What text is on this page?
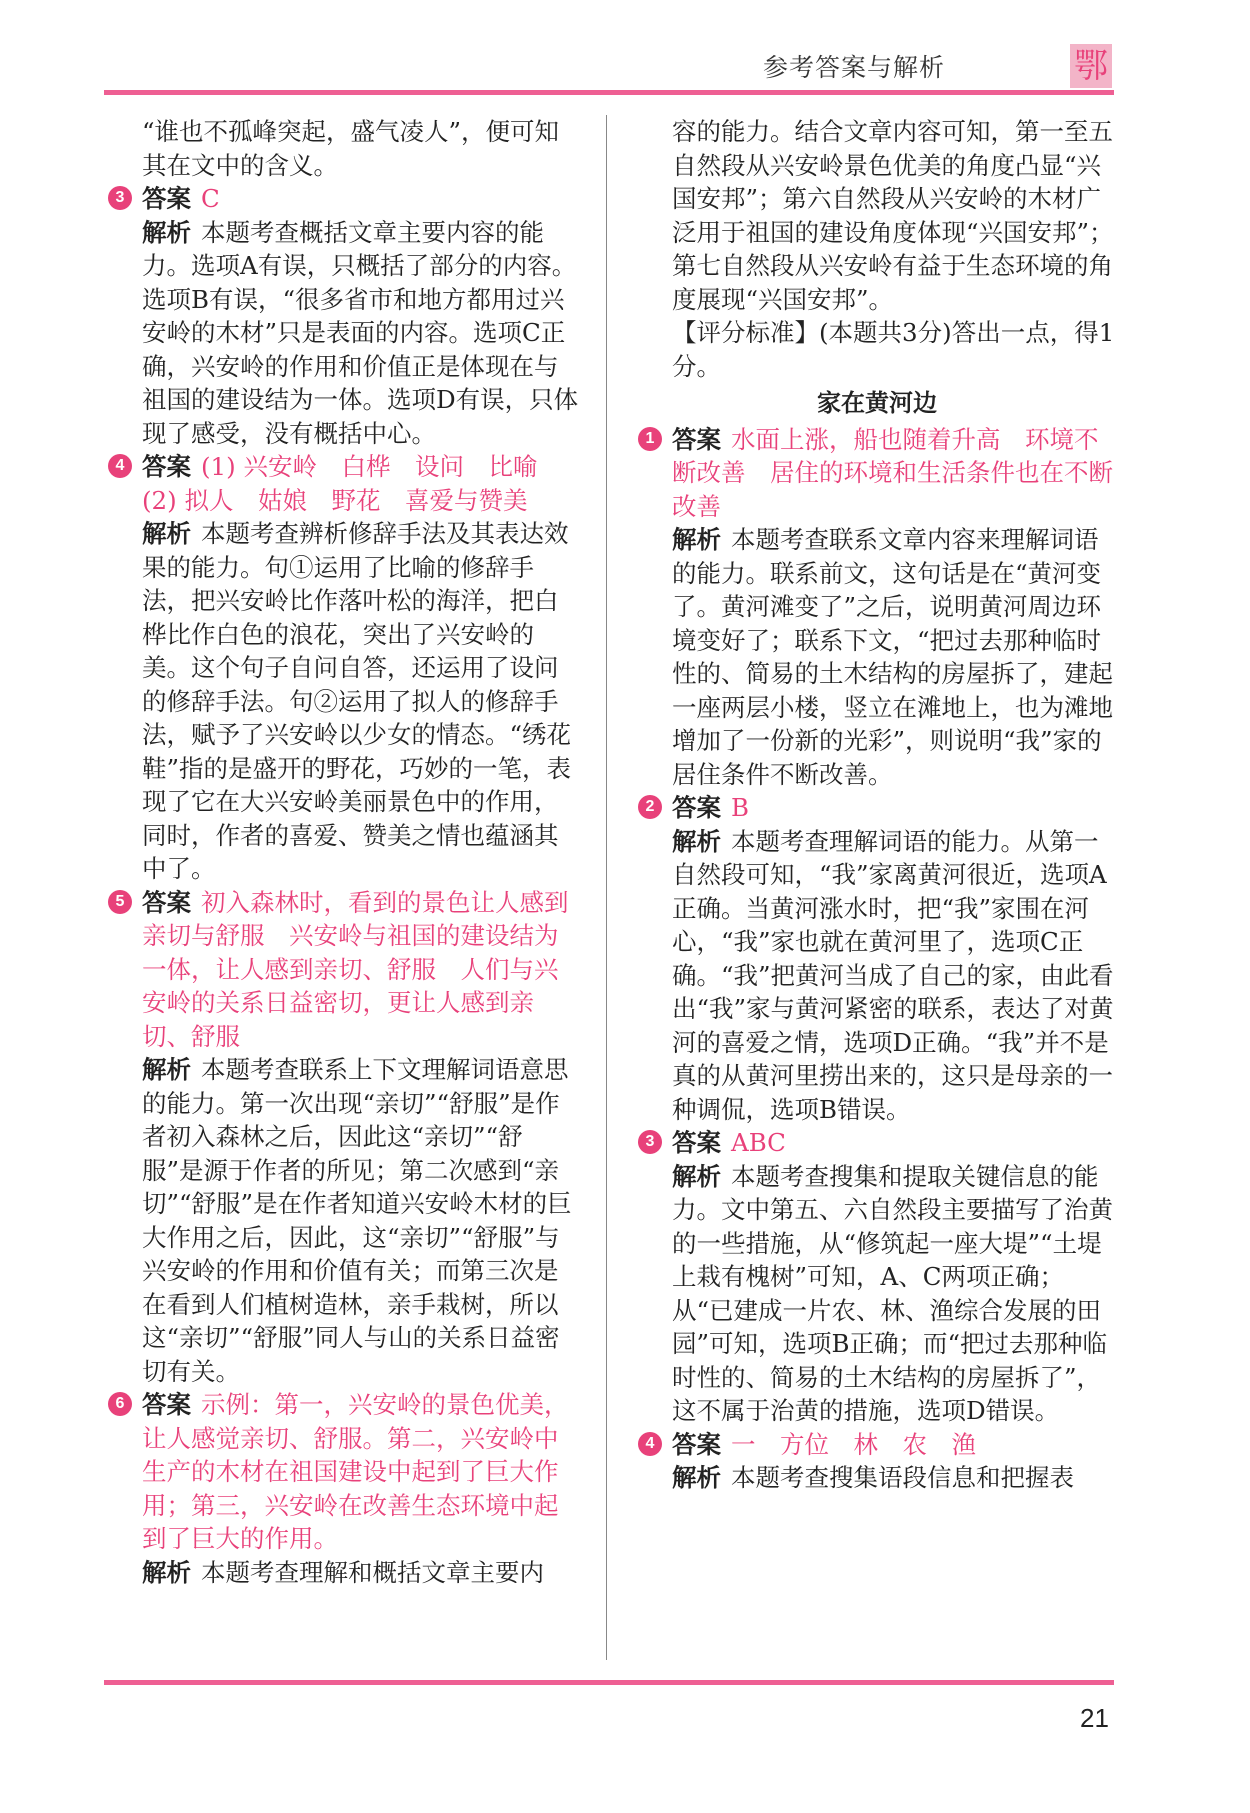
参考答案与解析	鄂

“谁也不孤峰突起，盛气凌人”，便可知其在文中的含义。

3 答案 C

解析 本题考查概括文章主要内容的能力。选项A有误，只概括了部分的内容。选项B有误，“很多省市和地方都用过兴安岭的木材”只是表面的内容。选项C正确，兴安岭的作用和价值正是体现在与祖国的建设结为一体。选项D有误，只体现了感受，没有概括中心。

4 答案 (1) 兴安岭　白桦　设问　比喻　(2) 拟人　姑娘　野花　喜爱与赞美

解析 本题考查辨析修辞手法及其表达效果的能力。句①运用了比喻的修辞手法，把兴安岭比作落叶松的海洋，把白桦比作白色的浪花，突出了兴安岭的美。这个句子自问自答，还运用了设问的修辞手法。句②运用了拟人的修辞手法，赋予了兴安岭以少女的情态。“绣花鞋”指的是盛开的野花，巧妙的一笔，表现了它在大兴安岭美丽景色中的作用，同时，作者的喜爱、赞美之情也蕴涵其中了。

5 答案 初入森林时，看到的景色让人感到亲切与舒服　兴安岭与祖国的建设结为一体，让人感到亲切、舒服　人们与兴安岭的关系日益密切，更让人感到亲切、舒服

解析 本题考查联系上下文理解词语意思的能力。第一次出现“亲切”“舒服”是作者初入森林之后，因此这“亲切”“舒服”是源于作者的所见；第二次感到“亲切”“舒服”是在作者知道兴安岭木材的巨大作用之后，因此，这“亲切”“舒服”与兴安岭的作用和价值有关；而第三次是在看到人们植树造林，亲手栽树，所以这“亲切”“舒服”同人与山的关系日益密切有关。

6 答案 示例：第一，兴安岭的景色优美，让人感觉亲切、舒服。第二，兴安岭中生产的木材在祖国建设中起到了巨大作用；第三，兴安岭在改善生态环境中起到了巨大的作用。

解析 本题考查理解和概括文章主要内

容的能力。结合文章内容可知，第一至五自然段从兴安岭景色优美的角度凸显“兴国安邦”；第六自然段从兴安岭的木材广泛用于祖国的建设角度体现“兴国安邦”；第七自然段从兴安岭有益于生态环境的角度展现“兴国安邦”。

【评分标准】(本题共3分)答出一点，得1分。

家在黄河边

1 答案 水面上涨，船也随着升高　环境不断改善　居住的环境和生活条件也在不断改善

解析 本题考查联系文章内容来理解词语的能力。联系前文，这句话是在“黄河变了。黄河滩变了”之后，说明黄河周边环境变好了；联系下文，“把过去那种临时性的、简易的土木结构的房屋拆了，建起一座两层小楼，竖立在滩地上，也为滩地增加了一份新的光彩”，则说明“我”家的居住条件不断改善。

2 答案 B

解析 本题考查理解词语的能力。从第一自然段可知，“我”家离黄河很近，选项A正确。当黄河涨水时，把“我”家围在河心，“我”家也就在黄河里了，选项C正确。“我”把黄河当成了自己的家，由此看出“我”家与黄河紧密的联系，表达了对黄河的喜爱之情，选项D正确。“我”并不是真的从黄河里捞出来的，这只是母亲的一种调侃，选项B错误。

3 答案 ABC

解析 本题考查搜集和提取关键信息的能力。文中第五、六自然段主要描写了治黄的一些措施，从“修筑起一座大堤”“土堤上栽有槐树”可知，A、C两项正确；从“已建成一片农、林、渔综合发展的田园”可知，选项B正确；而“把过去那种临时性的、简易的土木结构的房屋拆了”，这不属于治黄的措施，选项D错误。

4 答案 一　方位　林　农　渔

解析 本题考查搜集语段信息和把握表

21
